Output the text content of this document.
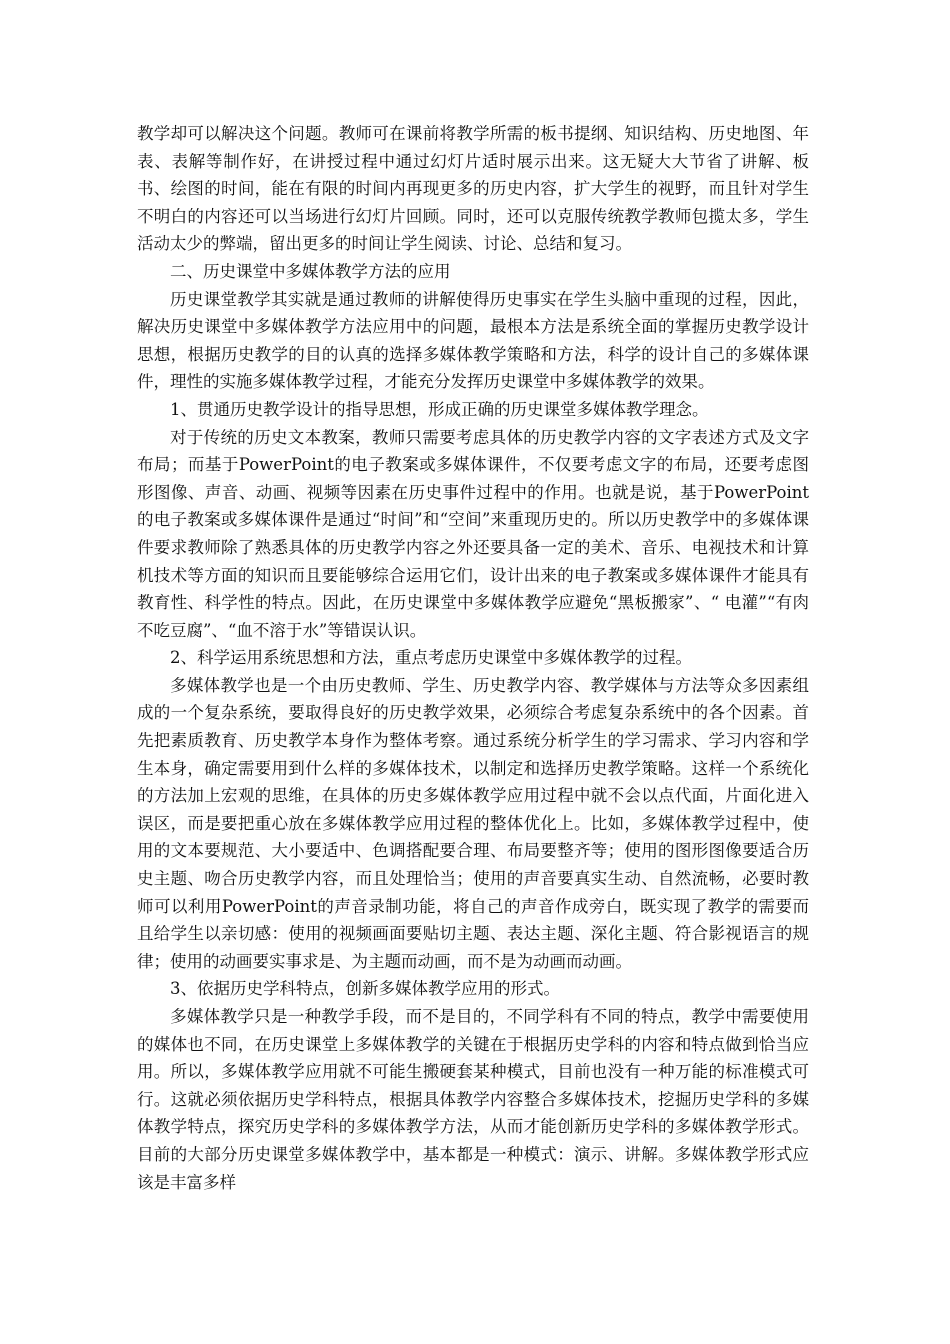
教学却可以解决这个问题。教师可在课前将教学所需的板书提纲、知识结构、历史地图、年表、表解等制作好，在讲授过程中通过幻灯片适时展示出来。这无疑大大节省了讲解、板书、绘图的时间，能在有限的时间内再现更多的历史内容，扩大学生的视野，而且针对学生不明白的内容还可以当场进行幻灯片回顾。同时，还可以克服传统教学教师包揽太多，学生活动太少的弊端，留出更多的时间让学生阅读、讨论、总结和复习。

二、历史课堂中多媒体教学方法的应用

历史课堂教学其实就是通过教师的讲解使得历史事实在学生头脑中重现的过程，因此，解决历史课堂中多媒体教学方法应用中的问题，最根本方法是系统全面的掌握历史教学设计思想，根据历史教学的目的认真的选择多媒体教学策略和方法，科学的设计自己的多媒体课件，理性的实施多媒体教学过程，才能充分发挥历史课堂中多媒体教学的效果。

1、贯通历史教学设计的指导思想，形成正确的历史课堂多媒体教学理念。

对于传统的历史文本教案，教师只需要考虑具体的历史教学内容的文字表述方式及文字布局；而基于PowerPoint的电子教案或多媒体课件，不仅要考虑文字的布局，还要考虑图形图像、声音、动画、视频等因素在历史事件过程中的作用。也就是说，基于PowerPoint的电子教案或多媒体课件是通过“时间”和“空间”来重现历史的。所以历史教学中的多媒体课件要求教师除了熟悉具体的历史教学内容之外还要具备一定的美术、音乐、电视技术和计算机技术等方面的知识而且要能够综合运用它们，设计出来的电子教案或多媒体课件才能具有教育性、科学性的特点。因此，在历史课堂中多媒体教学应避免“黑板搬家”、“ 电灌”“有肉不吃豆腐”、“血不溶于水”等错误认识。

2、科学运用系统思想和方法，重点考虑历史课堂中多媒体教学的过程。

多媒体教学也是一个由历史教师、学生、历史教学内容、教学媒体与方法等众多因素组成的一个复杂系统，要取得良好的历史教学效果，必须综合考虑复杂系统中的各个因素。首先把素质教育、历史教学本身作为整体考察。通过系统分析学生的学习需求、学习内容和学生本身，确定需要用到什么样的多媒体技术，以制定和选择历史教学策略。这样一个系统化的方法加上宏观的思维，在具体的历史多媒体教学应用过程中就不会以点代面，片面化进入误区，而是要把重心放在多媒体教学应用过程的整体优化上。比如，多媒体教学过程中，使用的文本要规范、大小要适中、色调搭配要合理、布局要整齐等；使用的图形图像要适合历史主题、吻合历史教学内容，而且处理恰当；使用的声音要真实生动、自然流畅，必要时教师可以利用PowerPoint的声音录制功能，将自己的声音作成旁白，既实现了教学的需要而且给学生以亲切感：使用的视频画面要贴切主题、表达主题、深化主题、符合影视语言的规律；使用的动画要实事求是、为主题而动画，而不是为动画而动画。

3、依据历史学科特点，创新多媒体教学应用的形式。

多媒体教学只是一种教学手段，而不是目的，不同学科有不同的特点，教学中需要使用的媒体也不同，在历史课堂上多媒体教学的关键在于根据历史学科的内容和特点做到恰当应用。所以，多媒体教学应用就不可能生搬硬套某种模式，目前也没有一种万能的标准模式可行。这就必须依据历史学科特点，根据具体教学内容整合多媒体技术，挖掘历史学科的多媒体教学特点，探究历史学科的多媒体教学方法，从而才能创新历史学科的多媒体教学形式。目前的大部分历史课堂多媒体教学中，基本都是一种模式：演示、讲解。多媒体教学形式应该是丰富多样
